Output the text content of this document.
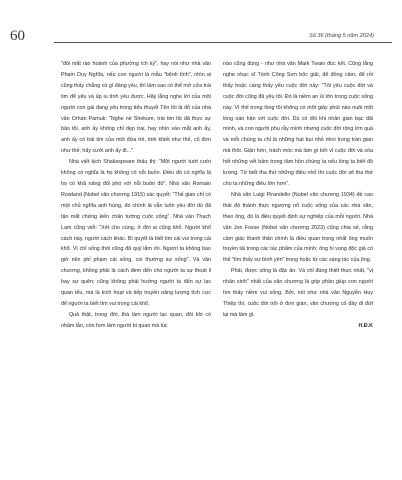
60	Số 36 (tháng 5 năm 2024)

"đôi mắt rào hoành của phường ích kỷ", hay nói như nhà văn Phạm Duy Nghĩa, nếu con người là mẫu "bệnh tính", nhìn ai cũng thấy chẳng có gì đáng yêu, thì làm sao có thể mở cửa trái tim để yêu và ấp iu tình yêu được. Hãy lắng nghe lời của một người con gái đang yêu trong tiểu thuyết Tên tôi là đỏ của nhà văn Orhan Pamuk: "Nghe nè Shekure, trái tim tôi đã thực sự bảo tôi, anh ấy không chỉ đẹp trai, hay nhìn vào mắt anh ấy, anh ấy có trái tim của một đứa trẻ, tinh khiết như thế, cô đơn như thế; hãy cưới anh ấy đi...".

Nhà viết kịch Shakespeare thấu thị: "Một người tuớt cười không có nghĩa là họ không có nỗi buồn. Điều đó có nghĩa là họ có khả năng đối phó với nỗi buồn đó". Nhà văn Romain Rowland (Nobel văn chương 1915) xác quyết: "Thế gian chỉ có một chủ nghĩa anh hùng, đó chính là vẫn luôn yêu đời dù đã tận mắt chứng kiến chân tướng cuộc sống". Nhà văn Thạch Lam cũng viết: "Xét cho cùng, ở đời ai cũng khổ. Người khổ cách này, người cách khác. Bí quyết là biết tìm cái vui trong cái khổ. Vì chỉ sống thôi cũng đã quý lắm rồi. Người ta không bao giờ nên phỉ phạm cái sống, coi thường sự sống". Và văn chương, không phải là cách đem đến cho người ta sự thoát li hay sự quên; cũng không phải hướng người ta đến sự lạc quan tếu, mà là kích hoạt và tiếp truyền năng lượng tích cực để người ta biết tìm vui trong cái khổ.

Quả thật, trong đời, thà làm người lạc quan, đôi khi có nhầm lẫn, còn hơn làm người bi quan mà lúc

nào cũng đúng - như nhà văn Mark Twain đúc kết. Cũng lắng nghe nhạc sĩ Trịnh Công Sơn bộc giãi, để đồng cảm, để rồi thấy hoặc càng thấy yêu cuộc đời này: "Tôi yêu cuộc đời và cuộc đời cũng đã yêu tôi. Đó là niềm an ủi lớn trong cuộc sống này. Vì thế trong lòng tôi không có một giây phút nào nuôi một lòng oán hận với cuộc đời. Dù có đôi khi nhân gian bạc đãi mình, và con người phụ rẫy mình nhưng cuộc đời rộng lớn quá và mỗi chúng ta chỉ là những hạt bụi nhỏ nhoi trong trần gian mà thôi. Giận hờn, trách móc mà làm gì bởi vì cuộc đời và xóa hết những vết bầm trong tâm hồn chúng ta nếu lòng ta biết độ lượng. Từ biết tha thứ những điều nhỏ thì cuộc đời sẽ tha thứ cho ta những điều lớn hơn".

Nhà văn Luigi Pirandello (Nobel văn chương 1934) đề cao thái độ thành thực ngượng nỗ cuộc sống của các nhà văn, theo ông, đó là điều quyết định sự nghiệp của mỗi người. Nhà văn Jon Fosse (Nobel văn chương 2023) cũng chia sẻ, rằng cảm giác thanh thản chính là điều quan trọng nhất ông muốn truyền tải trong các tác phẩm của mình; ông hi vọng độc giả có thể "tìm thấy sự bình yên" trong hoặc từ các sáng tác của ông.

Phải, được sống là đặc ân. Và chỉ đúng thiết thực nhất, "vị nhân sinh" nhất của văn chương là góp phần giúp con người tìm thấy niềm vui sống. Bởi, nói như nhà văn Nguyễn Huy Thiệp thì, cuộc đời trôi ở đơn giản, văn chương có đầy đi đứt lại mà làm gì.

H.Đ.K
